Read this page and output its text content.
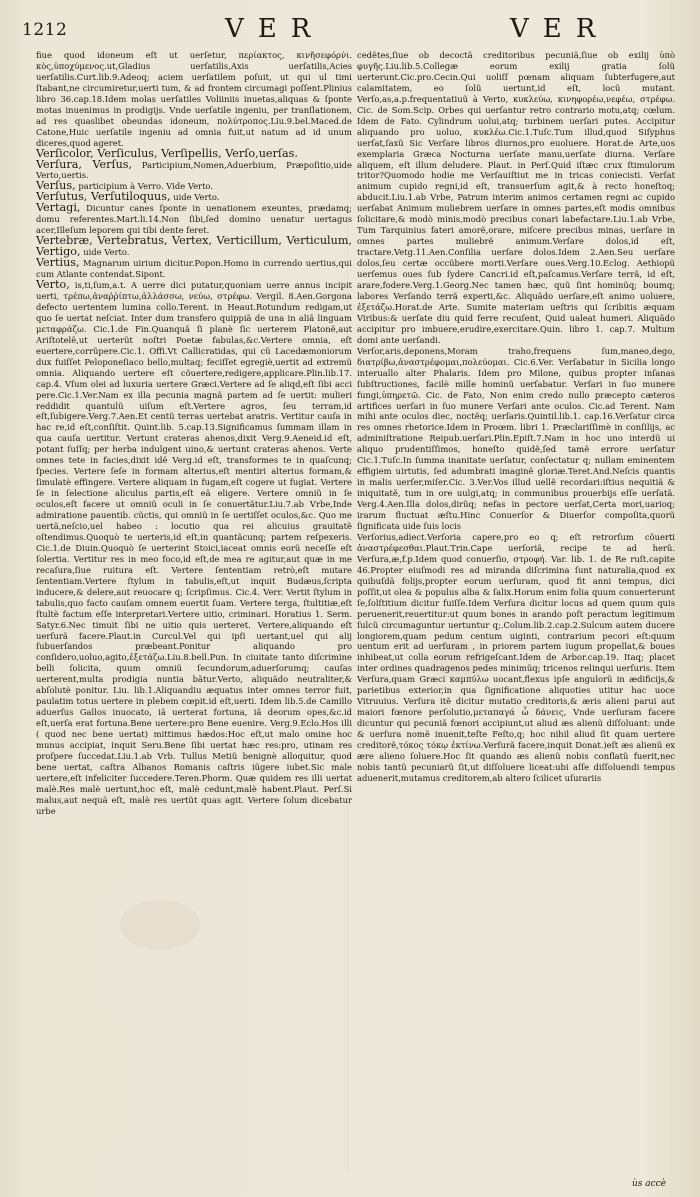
1212	VER	VER

fiue quod idoneum eſt ut uerſetur, περίακτος, κινῆσεφόρν̀ι. κὸς,ὑποχύμενος.ut,Gladius uerſatilis,Axis uerſatilis,Acies uerſatilis.Curt.lib.9.Adeoq; aciem uerſatilem poſuit, ut qui ul timi ſtabant,ne circumiretur,uerti tum, & ad frontem circumagi poſſent.Plinius libro 36.cap.18.Idem molas uerſatiles Voliiniis inuetas,aliquas & ſponte motas inuenimus in prodigijs. Vnde uerſatile ingeniu, per tranſlationem, ad res quaslibet obeundas idoneum, πολύτροπος.Liu.9.bel.Maced.de Catone,Huic uerſatile ingeniu ad omnia fuit,ut natum ad id unum diceres,quod ageret.

Verſicolor, Verſiculus, Verſipellis, Verſo,uerſas.

Verſura, Verſus, Participium,Nomen,Aduerbium, Præpoſitio,uide Verto,uertis.

Verſus, participium à Verro. Vide Verto.

Verſutus, Verſutiloquus, uide Verto.

Vertagi, Dicuntur canes ſponte in uenationem exeuntes, prædamq; domu referentes.Mart.li.14.Non ſibi,ſed domino uenatur uertagus acer,Illeſum leporem qui tibi dente feret.

Vertebræ, Vertebratus, Vertex, Verticillum, Verticulum, Vertigo, uide Verto.

Vertius, Magnarum uirium dicitur.Popon.Homo in currendo uertius,qui cum Atlante contendat.Sipont.

Verto, is,ti,ſum,a.t. A uerre dici putatur,quoniam uerre annus incipit uerti, τρέπω,ἀναῤῥίπτω,ἀλλάσσω, νεύω, στρέφω. Vergil. 8.Aen.Gorgona defecto uertentem lumina collo.Terent. in Heaut.Rotundum redigam,ut quo ſe uertat neſciat. Inter dum transfero quippiã de una in aliã linguam μεταφράζω. Cic.1.de Fin.Quanquã ſi planè ſic uerterem Platonẽ,aut Ariſtotelẽ,ut uerterũt noſtri Poetæ fabulas,&c.Vertere omnia, eſt euertere,corrũpere.Cic.1. Offi.Vt Callicratidas, qui cũ Lacedæmoniorum dux fuiſſet Peloponeſiaco bello,multaq; feciſſet egregiè,uertit ad extremũ omnia. Aliquando uertere eſt cõuertere,redigere,applicare.Plin.lib.17. cap.4. Vſum olei ad luxuria uertere Græci.Vertere ad ſe aliqd,eſt ſibi acci pere.Cic.1.Ver.Nam ex illa pecunia magnã partem ad ſe uertit: mulieri reddidit quantulũ uiſum eſt.Vertere agros, ſeu terram,id eſt,ſubigere.Verg.7.Aen.Et centũ terras uertebat aratris. Vertitur cauſa in hac re,id eſt,conſiſtit. Quint.lib. 5.cap.13.Significamus ſummam illam in qua cauſa uertitur. Vertunt crateras ahenos,dixit Verg.9.Aeneid.id eſt, potant ſuſſq; per herba indulgent uino,& uertunt crateras ahenos. Verte omnes tete in facies,dixit idẽ Verg.id eſt, transformes te in quaſcunq; ſpecies. Vertere ſeſe in formam alterius,eſt mentiri alterius formam,& ſimulatè effingere. Vertere aliquam in fugam,eſt cogere ut fugiat. Vertere ſe in ſelectione aliculus partis,eſt eã eligere. Vertere omniũ in ſe oculos,eſt facere ut omniũ oculi in ſe conuertãtur.Liu.7.ab Vrbe,Inde admiratione pauentib. cũctis, qui omniũ in ſe uertiſſet oculos,&c. Quo me uertã,neſcio,uel habeo : locutio qua rei alicuius grauitatẽ oſtendimus.Quoquò te uerteris,id eſt,in quantãcunq; partem reſpexeris. Cic.1.de Diuin.Quoquò ſe uerterint Stoici,iaceat omnis eorũ neceſſe eſt ſolertia. Vertitur res in meo foco,id eſt,de mea re agitur,aut quæ in me recaſura,ſiue ruitura eſt. Vertere ſententiam retrò,eſt mutare ſententiam.Vertere ſtylum in tabulis,eſt,ut inquit Budæus,ſcripta inducere,& delere,aut reuocare q; ſcripſimus. Cic.4. Verr. Vertit ſtylum in tabulis,quo facto cauſam omnem euertit ſuam. Vertere terga, ſtultitiæ,eſt ſtultè factum eſſe interpretari.Vertere uitio, criminari. Horatius 1. Serm. Satyr.6.Nec timuit ſibi ne uitio quis uerteret. Vertere,aliquando eſt uerſurã facere.Plaut.in Curcul.Vel qui ipſi uertant,uel qui alij ſubuerſandos præbeant.Ponitur aliquando pro conſidero,uoluo,agito,ἐξετάζω.Liu.8.bell.Pun. In ciuitate tanto diſcrimine belli ſolicita, quum omniũ ſecundorum,aduerſorumq; cauſas uerterent,multa prodigia nuntia bãtur.Verto, aliquãdo neutraliter,& abſolutè ponitur. Liu. lib.1.Aliquandiu æquatus inter omnes terror fuit, paulatim totus uertere in plebem cœpit.id eſt,uerti. Idem lib.5.de Camillo aduerſus Gallos inuocato, iã uerterat fortuna, iã deorum opes,&c.id eſt,uerſa erat fortuna.Bene uertere:pro Bene euenire. Verg.9.Eclo.Hos illi ( quod nec bene uertat) mittimus hædos:Hoc eſt,ut malo omine hoc munus accipiat, inquit Seru.Bene ſibi uertat hæc res:pro, utinam res proſpere ſuccedat.Liu.1.ab Vrb. Tullus Metiũ benignè alloquitur, quod bene uertat, caſtra Albanos Romanis caſtris iũgere iubet.Sic male uertere,eſt infeliciter ſuccedere.Teren.Phorm. Quæ quidem res illi uertat malè.Res malè uertunt,hoc eſt, malè cedunt,malè habent.Plaut. Perſ.Si malus,aut nequã eſt, malè res uertũt quas agit. Vertere ſolum dicebatur urbe

cedẽtes,ſiue ob decoctã creditoribus pecuniã,ſiue ob exilij ὑπὸ φυγῆς.Liu.lib.5.Collegæ eorum exilij gratia ſolũ uerterunt.Cic.pro.Cecin.Qui uoliſſ pœnam aliquam ſubterfugere,aut calamitatem, eo ſolũ uertunt,id eſt, locũ mutant. Verſo,as,a.p.frequentatiuũ à Verto, κυκλεύω, κινηφορέω,νεφέω, στρέφω. Cic. de Som.Scip. Orbes qui uerſantur retro contrario motu,atq; cœlum. Idem de Fato. Cylindrum uolui,atq; turbinem uerſari putes. Accipitur aliquando pro uoluo, κυκλέω.Cic.1.Tuſc.Tum illud,quod Siſyphus uerſat,ſaxũ Sic Verſare libros diurnos,pro euoluere. Horat.de Arte,uos exemplaria Græca Nocturna uerſate manu,uerſate diurna. Verſare aliquem, eſt illum deludere. Plaut. in Perſ.Quid iſtæc crux ſtimulorum tritor?Quomodo hodie me Verſauiſtiut me in tricas coniecisti. Verſat animum cupido regni,id eſt, transuerſum agit,& à recto honeſtoq; abducit.Liu.1.ab Vrbe, Patrum interim animos certamen regni ac cupido uerſabat Animum muliebrem uerſare in omnes partes,eſt modis omnibus ſolicitare,& modò minis,modò precibus conari labefactare.Liu.1.ab Vrbe, Tum Tarquinius fateri amorẽ,orare, miſcere precibus minas, uerſare in omnes partes muliebrẽ animum.Verſare dolos,id eſt, tractare.Vetg.11.Aen.Conſilia uerſare dolos.Idem 2.Aen.Seu uerſare dolos,ſeu certæ occũbere morti.Verſare oues.Verg.10.Eclog. Aethiopũ uerſemus oues ſub ſydere Cancri.id eſt,paſcamus.Verſare terrã, id eſt, arare,fodere.Verg.1.Georg.Nec tamen hæc, quũ ſint hominũq; boumq; labores Verſando terrã experti,&c. Aliquãdo uerſare,eſt animo uoluere, ἐξετάζω.Horat.de Arte. Sumite materiam ueſtris qui ſcribitis æquam Viribus:& uerſate diu quid ferre recuſent, Quid ualeat humeri. Aliquãdo accipitur pro imbuere,erudire,exercitare.Quin. libro 1. cap.7. Multum domi ante uerſandi.

Verſor,aris,deponens,Moram traho,frequens ſum,maneo,dego, διατρίβω,ἀναστρέφομαι,πολεύομαι. Cic.6.Ver. Verſabatur in Sicilia longo interuallo alter Phalaris. Idem pro Milone, quibus propter inſanas ſubſtructiones, facilè mille hominũ uerſabatur. Verſari in ſuo munere fungi,ὑπηρετῶ. Cic. de Fato, Non enim credo nullo præcepto cæteros artifices uerſari in ſuo munere Verſari ante oculos. Cic.ad Terent. Nam mihi ante oculos diec, noctẽq; uerſaris.Quintil.lib.1. cap.16.Verſatur circa res omnes rhetorice.Idem in Proœm. libri 1. Præclariſſimè in conſilijs, ac adminiſtratione Reipub.uerſari.Plin.Epiſt.7.Nam in hoc uno interdũ ui aliquo prudentiſſimos, honeſto quidẽ,ſed tamẽ errore uerſatur Cic.1.Tuſc.In ſumma inanitate uerſatur, conſectatur q; nullam eminentem effigiem uirtutis, ſed adumbrati imaginẽ gloriæ.Teret.And.Neſcis quantis in malis uerſer,miſer.Cic. 3.Ver.Vos illud uellẽ recordari:iſtius nequitiã & iniquitatẽ, tum in ore uulgi,atq; in communibus prouerbijs eſſe uerſatã. Verg.4.Aen.Illa dolos,dirũq; nefas in pectore uerſat,Certa mori,uarioq; irarum fluctuat æſtu.Hinc Conuerſor & Diuerſor compoſita,quorũ ſignificata uide ſuis locis

Verſorius,adiect.Verſoria capere,pro eo q; eſt retrorſum cõuerti ἀναστρέφεσθαι.Plaut.Trin.Cape uerſoriã, recipe te ad herũ. Verſura,æ,f.p.Idem quod conuerſio, στροφή. Var. lib. 1. de Re ruſt.capite 46.Propter eiuſmodi res ad miranda diſcrimina ſunt naturalia,quod ex quibuſdã folijs,propter eorum uerſuram, quod fit anni tempus, dici poſſit,ut olea & populus alba & ſalix.Horum enim folia quum conuerterunt ſe,ſolſtitium dicitur fuiſſe.Idem Verſura dicitur locus ad quem quum quis peruenerit,reuertitur:ut quum bones in arando poſt peractum legitimum ſulcũ circumaguntur uertuntur q;.Colum.lib.2.cap.2.Sulcum autem ducere longiorem,quam pedum centum uiginti, contrarium pecori eſt:quum uentum erit ad uerſuram , in priorem partem iugum propellat,& boues inhibeat,ut colla eorum refrigeſcant.Idem de Arbor.cap.19. Itaq; placet inter ordines quadragenos pedes minimũq; tricenos relinqui uerſuris. Item Verſura,quam Græci καμπύλω uocant,flexus ipſe angulorũ in ædificijs,& parietibus exterior,in qua ſignificatione aliquoties utitur hac uoce Vitruuius. Verſura itẽ dicitur mutatio creditoris,& æris alieni parui aut maiori fœnore perſolutio,μεταπαγά ὦ δάνεις, Vnde uerſuram facere dicuntur qui pecuniã fœnori accipiunt,ut aliud æs alienũ diſſoluant: unde & uerſura nomẽ inuenit,teſte Feſto,q; hoc nihil aliud ſit quam uertere creditorẽ,τόκος τόκῳ ἐκτίνω.Verſurã facere,inquit Donat.)eſt æs alienũ ex ære alieno ſoluere.Hoc ſit quando æs alienũ nobis conflatũ fuerit,nec nobis tantũ pecuniarũ ſit,ut diſſoluere liceat:ubi aſſe diſſoluendi tempus aduenerit,mutamus creditorem,ab altero ſcilicet uſurariis

ùs accè
